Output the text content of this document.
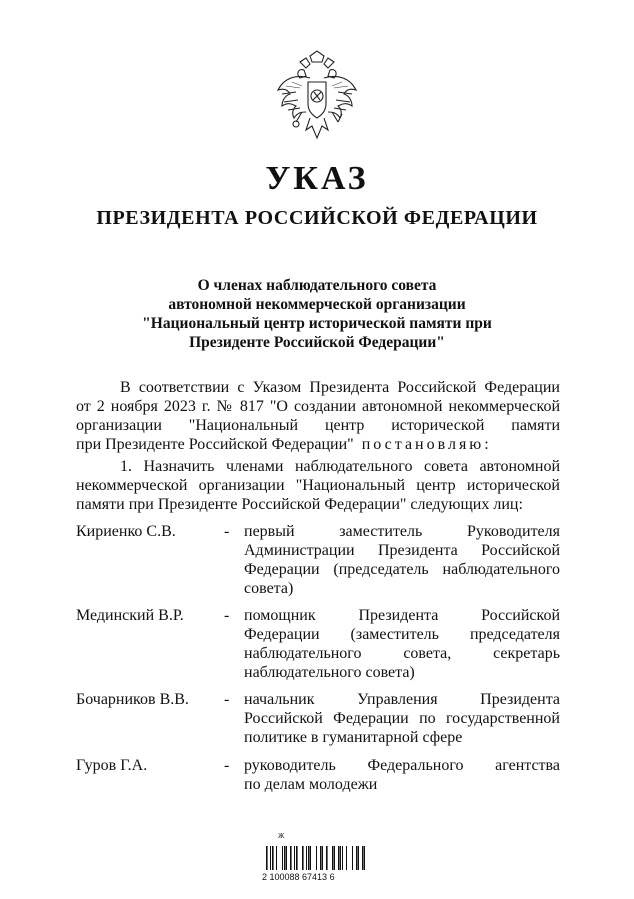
УКАЗ
ПРЕЗИДЕНТА РОССИЙСКОЙ ФЕДЕРАЦИИ
О членах наблюдательного совета
автономной некоммерческой организации
"Национальный центр исторической памяти при
Президенте Российской Федерации"
В соответствии с Указом Президента Российской Федерации
от 2 ноября 2023 г. № 817 "О создании автономной некоммерческой
организации "Национальный центр исторической памяти
при Президенте Российской Федерации" постановляю:
1. Назначить членами наблюдательного совета автономной
некоммерческой организации "Национальный центр исторической
памяти при Президенте Российской Федерации" следующих лиц:
Кириенко С.В.	- первый заместитель Руководителя
Администрации Президента Российской
Федерации (председатель наблюдательного
совета)
Мединский В.Р.	- помощник Президента Российской
Федерации (заместитель председателя
наблюдательного совета, секретарь
наблюдательного совета)
Бочарников В.В. - начальник Управления Президента
Российской Федерации по государственной
политике в гуманитарной сфере
Гуров Г.А.	- руководитель Федерального агентства
по делам молодежи
Ж
2 100088 67413 6
